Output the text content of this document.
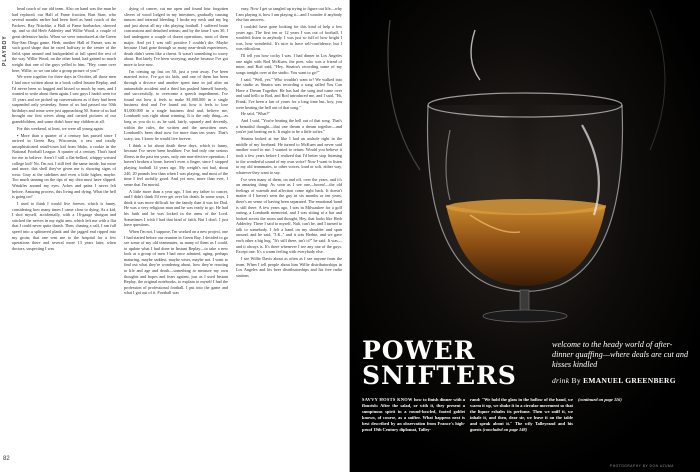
PLAYBOY

head coach of our old team. Also on hand was the man he had replaced, our Hall of Fame fraction, Bart Starr, who several months earlier had been fired as head coach of the Packers. Ray Nitschke, a Hall of Fame linebacker, showed up, and so did Herb Adderley and Willie Wood, a couple of great defensive backs. When we were introduced at the Green Bay-San Diego game, Herb, another Hall of Famer, was in such good shape that he raced halfway to the center of the field, spun around and backpedaled at full speed the rest of the way. Willie Wood, on the other hand, had gained so much weight that one of the guys yelled to him, "Hey, come over here, Willie, so we can take a group picture of you!"

We were together for three days in October, all those men I had once written about in a book called Instant Replay, and I'd never been so hugged and kissed so much by men, and I wanted to write about them again. I saw guys I hadn't seen for 15 years and we picked up conversations as if they had been suspended only yesterday. Some of us had passed our 50th birthdays and some were just approaching 50. Some of us had brought our first wives along and carried pictures of our grandchildren, and some didn't have any children at all.

For this weekend, at least, we were all young again.

• More than a quarter of a century has passed since I arrived in Green Bay, Wisconsin, a raw and totally unsophisticated small-town kid from Idaho, a rookie in the National Football League. A quarter of a century. That's hard for me to believe. Aren't I still a flat-bellied, whippy-wristed college kid? No, I'm not. I still feel the same inside, but more and more, this shell they've given me is showing signs of wear. Gray at the sidelines and even a little higher, maybe. Too much tanning on the tips of my chin must have slipped. Wrinkles around my eyes. Aches and pains I never felt before. Amazing process, this living and dying. What the hell is going on?

I used to think I would live forever, which is funny, considering how many times I came close to dying. As a kid, I shot myself, accidentally, with a 16-gauge shotgun and stitched the nerves in my right arm, which left me with a flat that I could never quite thrash. Then, chasing a calf, I ran full speed into a splintered plank and the jagged end ripped into my groin; that one sent me to the hospital for a few operations there and several more 13 years later, when doctors, suspecting I was

dying of cancer, cut me open and found four forgotten slivers of wood lodged in my intestines, gradually causing tumors and internal bleeding. I broke my neck and my leg and just about all my ribs playing football. I suffered brain concussions and detached retinas; and by the time I was 30, I had undergone a couple of dozen operations, most of them major. And yet I was still positive I couldn't die. Maybe because I had gone through so many near-death experiences, death didn't seem like a threat. It wasn't something to worry about. But lately I've been worrying, maybe because I've got more to lose now.

I'm coming up fast on 50, just a year away. I've been married twice, I've got six kids, and one of them has been through a divorce and another spent time in jail after an automobile accident and a third has pushed himself bravely, and successfully, to overcome a speech impediment. I've found out how it feels to make $1,000,000 in a single business deal and I've found out how it feels to lose $1,000,000 in a single business deal and, believe me, Lombardi was right about winning. It is the only thing—as long as you do it, as he said, fairly, squarely and decently, within the rules, the written and the unwritten ones. Lombardi's been dead now for more than ten years. That's scary, too. I know he would live forever.

I think a lot about death these days, which is funny, because I've never been healthier. I've had only one serious illness in the past ten years, only one non-elective operation. I haven't broken a bone, haven't even a finger, since I stopped playing football 14 years ago. My weight's not bad, about 240, 20 pounds less than when I was playing, and most of the time I feel awfully good. And yet now, more than ever, I sense that I'm mortal.

A little more than a year ago, I lost my father to cancer, and I didn't think I'd ever get over his death. In some ways, I think it was more difficult for the family than it was for Dad. He was a very religious man and he was ready to go. He had his faith and he was locked in the arms of the Lord. Sometimes I wish I had that kind of faith. But I don't. I just have questions.

When I'm not, I suppose, I'm worked on a new project, one I had started before our reunion in Green Bay. I decided to go see some of my old teammates, as many of them as I could, to update what I had done in Instant Replay—to take a new look at a group of men I had once admired, aging, perhaps maturing, maybe saddest, maybe wiser, maybe not. I want to find out what they're wondering about, how they're reacting to life and age and death—something to measure my own thoughts and hopes and fears against, just as I used Instant Replay, the original notebooks, to explain to myself I had the profession of professional football. I put into the game and what I got out of it. Football was

easy. Now I get so tangled up trying to figure out life—why I am playing it, how I am playing it—and I wonder if anybody else has answers.

I couldn't have gone looking for this kind of help a few years ago. The first ten or 12 years I was out of football, I wouldn't listen to anybody. I was just so full of how bright I was, how wonderful. It's nice to have self-confidence, but I was ridiculous.

I'll tell you how cocky I was. I had dinner in Los Angeles one night with Rod McKuen, the poet, who was a friend of mine, and Rod said, "Hey, Sinatra's recording some of my songs tonight over at the studio. You want to go?"

I said, "Well, yes." Who wouldn't want to? We walked into the studio as Sinatra was recording a song called You Can Have a Dream Together. He has had the song and came over and said hello to Rod, and Rod introduced me, and I said, "Hi, Frank, I've been a fan of yours for a long time but, boy, you were beating the hell out of that song."

He said, "What?"

And I said, "You're beating the hell out of that song. That's a beautiful thought—that one dream a dream together—and you're just beating on it. It ought to be a little softer."

Sinatra looked at me like I had an asshole right in the middle of my forehead. He turned to McKuen and never said another word to me. I wanted to return. Would you believe it took a few years before I realized that I'd better stop listening to the wonderful sound of my own voice? Now I want to listen to my old teammates, to other voices, loud or soft, either way, whatever they want to say.

I've seen many of them, on and off, over the years, and it's an amazing thing: As soon as I see one—boom!—the old feelings of warmth and affection come right back. It doesn't matter if I haven't seen the guy in six months or ten years, there's no sense of having been separated. The emotional bond is still there. A few years ago, I was in Milwaukee for a golf outing, a Lombardi memorial, and I was sitting at a bar and looked across the room and thought, Hey, that looks like Herb Adderley. There I said to myself, Nah, can't be, and I turned to talk to somebody. I felt a hand on my shoulder and spun around, and he said, "J.K.," and it was Herbie, and we gave each other a big hug. "It's still there, isn't it?" he said. It was—and it always is. It's there whenever I see any one of the guys. Except one. It's a warm feeling with everybody else.

I see Willie Davis about as often as I see anyone from the team. When I tell people about him Willie distributorships in Los Angeles and his beer distributorships and his free radio stations

82
POWER
SNIFTERS
welcome to the heady world of after-dinner quaffing—where deals are cut and kisses kindled
drink By EMANUEL GREENBERG
SAVVY HOSTS KNOW how to finish dinner with a flourish: After the salad, or with it, they present a sumptuous spirit in a round-bowled, footed goblet known, of course, as a snifter. What happens next is best described by an observation from France's high-proof 19th Century diplomat, Talley-
rand: "We hold the glass in the hollow of the hand, we warm it up, we shake it in a circular movement so that the liquor exhales its perfume. Then we sniff it, we inhale it, and then, dear sir, we leave it on the table and speak about it." The wily Talleyrand and his guests (concluded on page 148)
(continued on page 116)
PHOTOGRAPHY BY DON AZUMA
